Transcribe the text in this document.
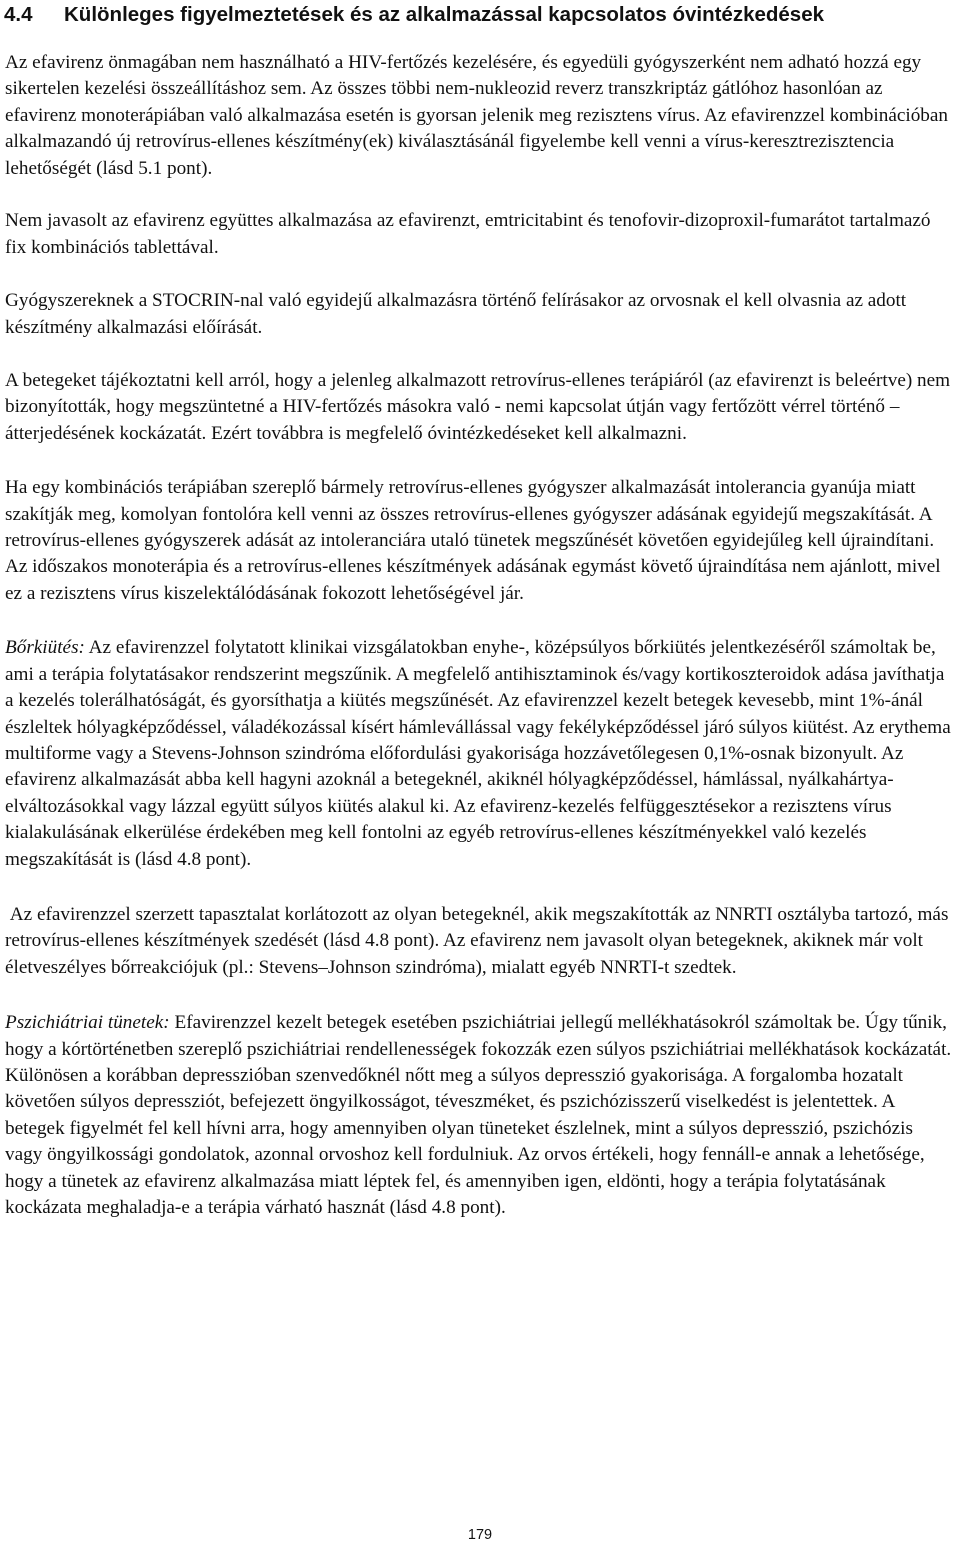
4.4 Különleges figyelmeztetések és az alkalmazással kapcsolatos óvintézkedések

Az efavirenz önmagában nem használható a HIV-fertőzés kezelésére, és egyedüli gyógyszerként nem adható hozzá egy sikertelen kezelési összeállításhoz sem. Az összes többi nem-nukleozid reverz transzkriptáz gátlóhoz hasonlóan az efavirenz monoterápiában való alkalmazása esetén is gyorsan jelenik meg rezisztens vírus. Az efavirenzzel kombinációban alkalmazandó új retrovírus-ellenes készítmény(ek) kiválasztásánál figyelembe kell venni a vírus-keresztrezisztencia lehetőségét (lásd 5.1 pont).

Nem javasolt az efavirenz együttes alkalmazása az efavirenzt, emtricitabint és tenofovir-dizoproxil-fumarátot tartalmazó fix kombinációs tablettával.

Gyógyszereknek a STOCRIN-nal való egyidejű alkalmazásra történő felírásakor az orvosnak el kell olvasnia az adott készítmény alkalmazási előírását.

A betegeket tájékoztatni kell arról, hogy a jelenleg alkalmazott retrovírus-ellenes terápiáról (az efavirenzt is beleértve) nem bizonyították, hogy megszüntetné a HIV-fertőzés másokra való - nemi kapcsolat útján vagy fertőzött vérrel történő – átterjedésének kockázatát. Ezért továbbra is megfelelő óvintézkedéseket kell alkalmazni.

Ha egy kombinációs terápiában szereplő bármely retrovírus-ellenes gyógyszer alkalmazását intolerancia gyanúja miatt szakítják meg, komolyan fontolóra kell venni az összes retrovírus-ellenes gyógyszer adásának egyidejű megszakítását. A retrovírus-ellenes gyógyszerek adását az intoleranciára utaló tünetek megszűnését követően egyidejűleg kell újraindítani. Az időszakos monoterápia és a retrovírus-ellenes készítmények adásának egymást követő újraindítása nem ajánlott, mivel ez a rezisztens vírus kiszelektálódásának fokozott lehetőségével jár.

Bőrkiütés: Az efavirenzzel folytatott klinikai vizsgálatokban enyhe-, középsúlyos bőrkiütés jelentkezéséről számoltak be, ami a terápia folytatásakor rendszerint megszűnik. A megfelelő antihisztaminok és/vagy kortikoszteroidok adása javíthatja a kezelés tolerálhatóságát, és gyorsíthatja a kiütés megszűnését. Az efavirenzzel kezelt betegek kevesebb, mint 1%-ánál észleltek hólyagképződéssel, váladékozással kísért hámlevállással vagy fekélyképződéssel járó súlyos kiütést. Az erythema multiforme vagy a Stevens-Johnson szindróma előfordulási gyakorisága hozzávetőlegesen 0,1%-osnak bizonyult. Az efavirenz alkalmazását abba kell hagyni azoknál a betegeknél, akiknél hólyagképződéssel, hámlással, nyálkahártya-elváltozásokkal vagy lázzal együtt súlyos kiütés alakul ki. Az efavirenz-kezelés felfüggesztésekor a rezisztens vírus kialakulásának elkerülése érdekében meg kell fontolni az egyéb retrovírus-ellenes készítményekkel való kezelés megszakítását is (lásd 4.8 pont).

Az efavirenzzel szerzett tapasztalat korlátozott az olyan betegeknél, akik megszakították az NNRTI osztályba tartozó, más retrovírus-ellenes készítmények szedését (lásd 4.8 pont). Az efavirenz nem javasolt olyan betegeknek, akiknek már volt életveszélyes bőrreakciójuk (pl.: Stevens–Johnson szindróma), mialatt egyéb NNRTI-t szedtek.

Pszichiátriai tünetek: Efavirenzzel kezelt betegek esetében pszichiátriai jellegű mellékhatásokról számoltak be. Úgy tűnik, hogy a kórtörténetben szereplő pszichiátriai rendellenességek fokozzák ezen súlyos pszichiátriai mellékhatások kockázatát. Különösen a korábban depresszióban szenvedőknél nőtt meg a súlyos depresszió gyakorisága. A forgalomba hozatalt követően súlyos depressziót, befejezett öngyilkosságot, téveszméket, és pszichózisszerű viselkedést is jelentettek. A betegek figyelmét fel kell hívni arra, hogy amennyiben olyan tüneteket észlelnek, mint a súlyos depresszió, pszichózis vagy öngyilkossági gondolatok, azonnal orvoshoz kell fordulniuk. Az orvos értékeli, hogy fennáll-e annak a lehetősége, hogy a tünetek az efavirenz alkalmazása miatt léptek fel, és amennyiben igen, eldönti, hogy a terápia folytatásának kockázata meghaladja-e a terápia várható hasznát (lásd 4.8 pont).

179
